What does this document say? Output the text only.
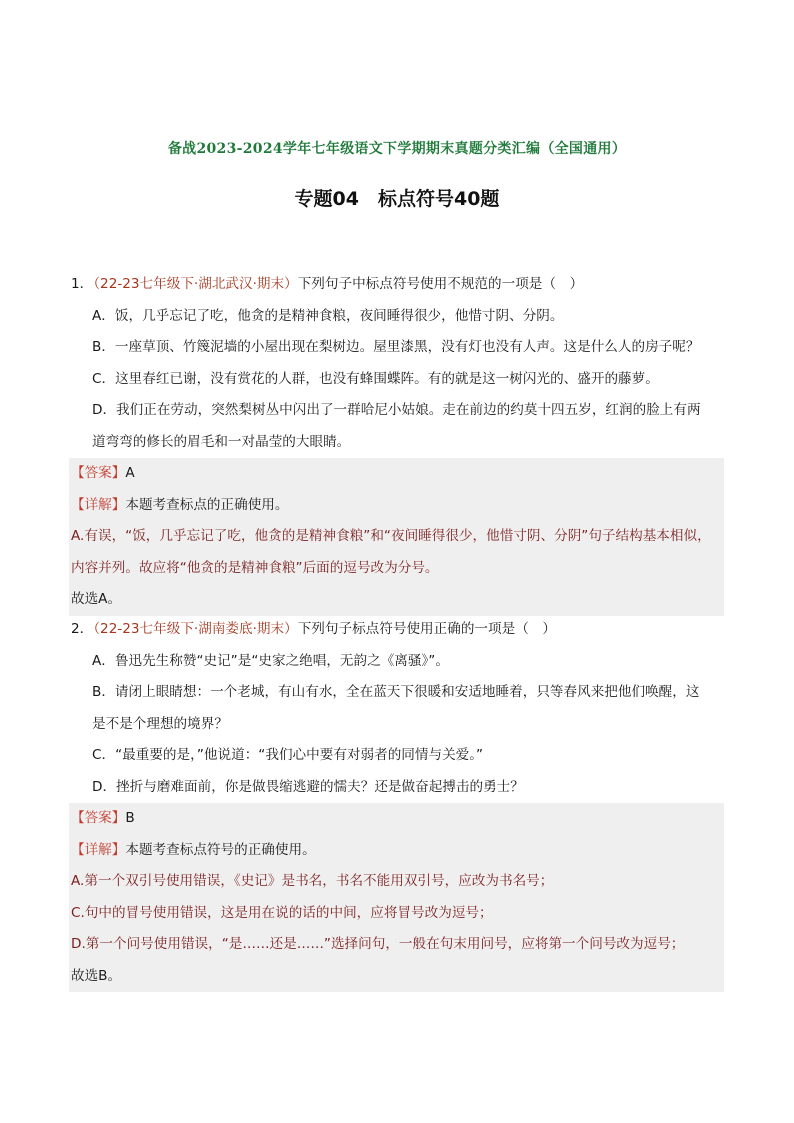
备战2023-2024学年七年级语文下学期期末真题分类汇编（全国通用）
专题04　标点符号40题
1．（22-23七年级下·湖北武汉·期末）下列句子中标点符号使用不规范的一项是（　）
A．饭，几乎忘记了吃，他贪的是精神食粮，夜间睡得很少，他惜寸阴、分阴。
B．一座草顶、竹篾泥墙的小屋出现在梨树边。屋里漆黑，没有灯也没有人声。这是什么人的房子呢？
C．这里春红已谢，没有赏花的人群，也没有蜂围蝶阵。有的就是这一树闪光的、盛开的藤萝。
D．我们正在劳动，突然梨树丛中闪出了一群哈尼小姑娘。走在前边的约莫十四五岁，红润的脸上有两
道弯弯的修长的眉毛和一对晶莹的大眼睛。
【答案】A
【详解】本题考查标点的正确使用。
A.有误，“饭，几乎忘记了吃，他贪的是精神食粮”和“夜间睡得很少，他惜寸阴、分阴”句子结构基本相似，
内容并列。故应将“他贪的是精神食粮”后面的逗号改为分号。
故选A。
2．（22-23七年级下·湖南娄底·期末）下列句子标点符号使用正确的一项是（　）
A．鲁迅先生称赞“史记”是“史家之绝唱，无韵之《离骚》”。
B．请闭上眼睛想：一个老城，有山有水，全在蓝天下很暖和安适地睡着，只等春风来把他们唤醒，这
是不是个理想的境界？
C．“最重要的是，”他说道：“我们心中要有对弱者的同情与关爱。”
D．挫折与磨难面前，你是做畏缩逃避的懦夫？还是做奋起搏击的勇士？
【答案】B
【详解】本题考查标点符号的正确使用。
A.第一个双引号使用错误，《史记》是书名，书名不能用双引号，应改为书名号；
C.句中的冒号使用错误，这是用在说的话的中间，应将冒号改为逗号；
D.第一个问号使用错误，“是……还是……”选择问句，一般在句末用问号，应将第一个问号改为逗号；
故选B。
